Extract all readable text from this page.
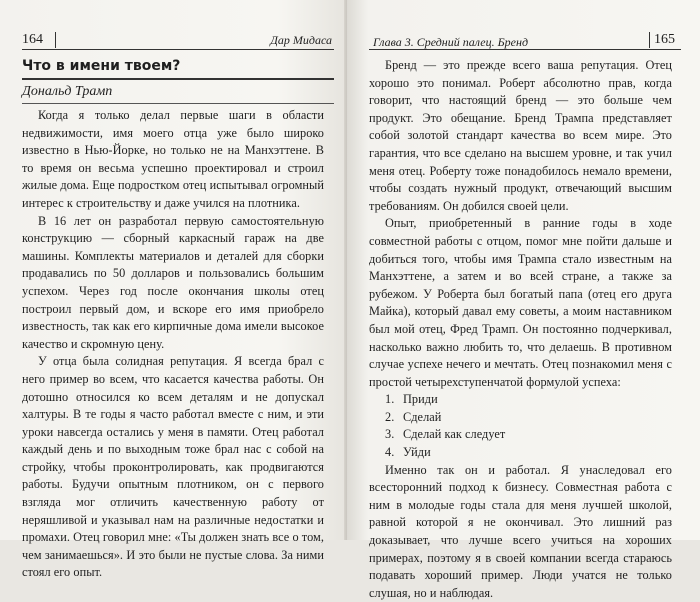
164	Дар Мидаса
Что в имени твоем?
Дональд Трамп

Когда я только делал первые шаги в области недвижимости, имя моего отца уже было широко известно в Нью-Йорке, но только не на Манхэттене. В то время он весьма успешно проектировал и строил жилые дома. Еще подростком отец испытывал огромный интерес к строительству и даже учился на плотника.

В 16 лет он разработал первую самостоятельную конструкцию — сборный каркасный гараж на две машины. Комплекты материалов и деталей для сборки продавались по 50 долларов и пользовались большим успехом. Через год после окончания школы отец построил первый дом, и вскоре его имя приобрело известность, так как его кирпичные дома имели высокое качество и скромную цену.

У отца была солидная репутация. Я всегда брал с него пример во всем, что касается качества работы. Он дотошно относился ко всем деталям и не допускал халтуры. В те годы я часто работал вместе с ним, и эти уроки навсегда остались у меня в памяти. Отец работал каждый день и по выходным тоже брал нас с собой на стройку, чтобы проконтролировать, как продвигаются работы. Будучи опытным плотником, он с первого взгляда мог отличить качественную работу от неряшливой и указывал нам на различные недостатки и промахи. Отец говорил мне: «Ты должен знать все о том, чем занимаешься». И это были не пустые слова. За ними стоял его опыт.

Глава 3. Средний палец. Бренд	165

Бренд — это прежде всего ваша репутация. Отец хорошо это понимал. Роберт абсолютно прав, когда говорит, что настоящий бренд — это больше чем продукт. Это обещание. Бренд Трампа представляет собой золотой стандарт качества во всем мире. Это гарантия, что все сделано на высшем уровне, и так учил меня отец. Роберту тоже понадобилось немало времени, чтобы создать нужный продукт, отвечающий высшим требованиям. Он добился своей цели.

Опыт, приобретенный в ранние годы в ходе совместной работы с отцом, помог мне пойти дальше и добиться того, чтобы имя Трампа стало известным на Манхэттене, а затем и во всей стране, а также за рубежом. У Роберта был богатый папа (отец его друга Майка), который давал ему советы, а моим наставником был мой отец, Фред Трамп. Он постоянно подчеркивал, насколько важно любить то, что делаешь. В противном случае успехе нечего и мечтать. Отец познакомил меня с простой четырехступенчатой формулой успеха:

1. Приди
2. Сделай
3. Сделай как следует
4. Уйди

Именно так он и работал. Я унаследовал его всесторонний подход к бизнесу. Совместная работа с ним в молодые годы стала для меня лучшей школой, равной которой я не окончивал. Это лишний раз доказывает, что лучше всего учиться на хороших примерах, поэтому я в своей компании всегда стараюсь подавать хороший пример. Люди учатся не только слушая, но и наблюдая.
